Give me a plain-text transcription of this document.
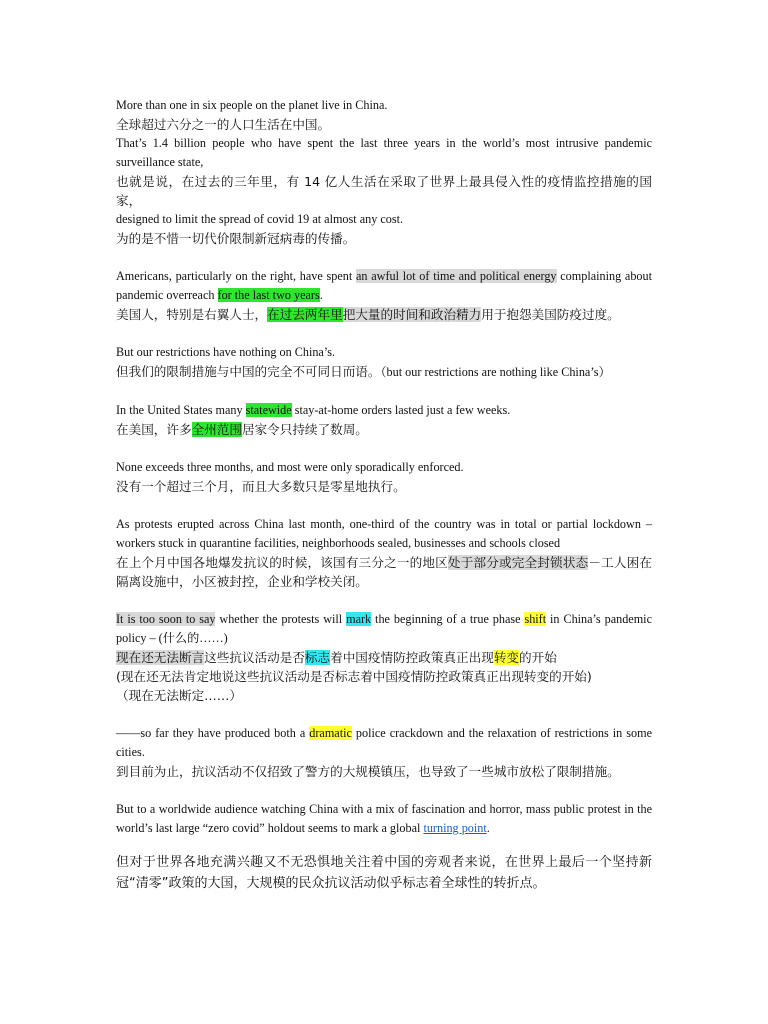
More than one in six people on the planet live in China.

全球超过六分之一的人口生活在中国。

That’s 1.4 billion people who have spent the last three years in the world’s most intrusive pandemic surveillance state,

也就是说，在过去的三年里，有 14 亿人生活在采取了世界上最具侵入性的疫情监控措施的国家，

designed to limit the spread of covid 19 at almost any cost.

为的是不惜一切代价限制新冠病毒的传播。

Americans, particularly on the right, have spent an awful lot of time and political energy complaining about pandemic overreach for the last two years.

美国人，特别是右翼人士，在过去两年里把大量的时间和政治精力用于抱怨美国防疫过度。

But our restrictions have nothing on China’s.

但我们的限制措施与中国的完全不可同日而语。（but our restrictions are nothing like China’s）

In the United States many statewide stay-at-home orders lasted just a few weeks.

在美国，许多全州范围居家令只持续了数周。

None exceeds three months, and most were only sporadically enforced.

没有一个超过三个月，而且大多数只是零星地执行。

As protests erupted across China last month, one-third of the country was in total or partial lockdown – workers stuck in quarantine facilities, neighborhoods sealed, businesses and schools closed

在上个月中国各地爆发抗议的时候，该国有三分之一的地区处于部分或完全封锁状态－工人困在隔离设施中，小区被封控，企业和学校关闭。

It is too soon to say whether the protests will mark the beginning of a true phase shift in China’s pandemic policy – (什么的……)

现在还无法断言这些抗议活动是否标志着中国疫情防控政策真正出现转变的开始

(现在还无法肯定地说这些抗议活动是否标志着中国疫情防控政策真正出现转变的开始)

（现在无法断定……）

——so far they have produced both a dramatic police crackdown and the relaxation of restrictions in some cities.

到目前为止，抗议活动不仅招致了警方的大规模镇压，也导致了一些城市放松了限制措施。

But to a worldwide audience watching China with a mix of fascination and horror, mass public protest in the world’s last large “zero covid” holdout seems to mark a global turning point.

但对于世界各地充满兴趣又不无恐惧地关注着中国的旁观者来说，在世界上最后一个坚持新冠“清零”政策的大国，大规模的民众抗议活动似乎标志着全球性的转折点。
